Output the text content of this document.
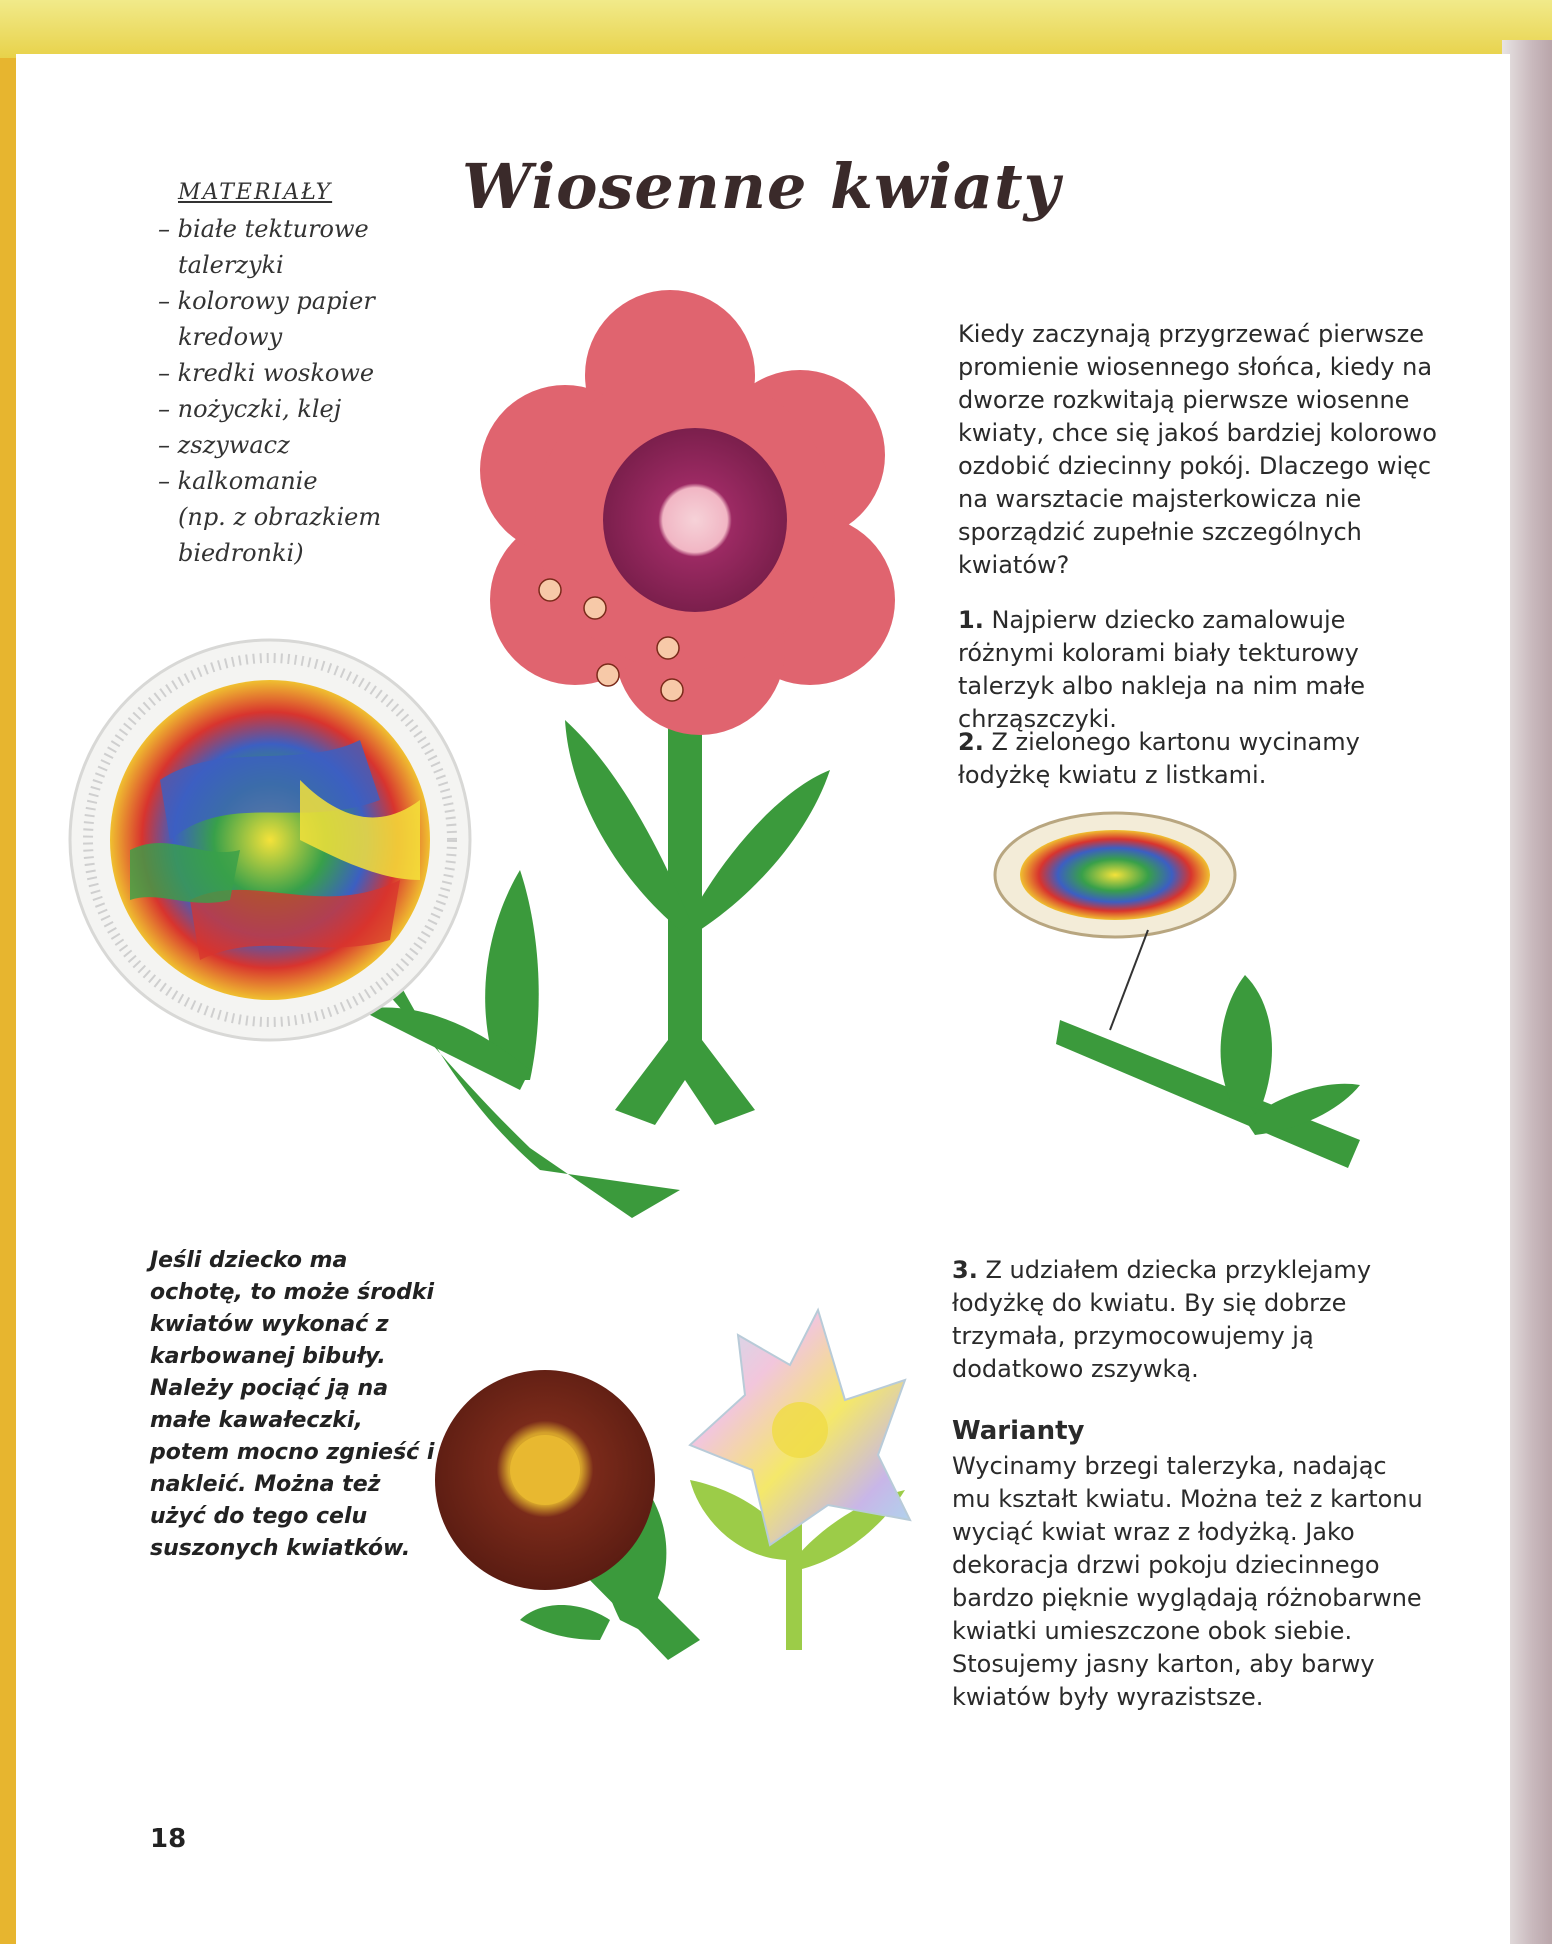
Wiosenne kwiaty
MATERIAŁY
– białe tekturowe
talerzyki
– kolorowy papier
kredowy
– kredki woskowe
– nożyczki, klej
– zszywacz
– kalkomanie
(np. z obrazkiem biedronki)
Kiedy zaczynają przygrzewać pierwsze promienie wiosennego słońca, kiedy na dworze rozkwitają pierwsze wiosenne kwiaty, chce się jakoś bardziej kolorowo ozdobić dziecinny pokój. Dlaczego więc na warsztacie majsterkowicza nie sporządzić zupełnie szczególnych kwiatów?
1. Najpierw dziecko zamalowuje różnymi kolorami biały tekturowy talerzyk albo nakleja na nim małe chrząszczyki.
2. Z zielonego kartonu wycinamy łodyżkę kwiatu z listkami.
3. Z udziałem dziecka przyklejamy łodyżkę do kwiatu. By się dobrze trzymała, przymocowujemy ją dodatkowo zszywką.
Jeśli dziecko ma ochotę, to może środki kwiatów wykonać z karbowanej bibuły. Należy pociąć ją na małe kawałeczki, potem mocno zgnieść i nakleić. Można też użyć do tego celu suszonych kwiatków.
Warianty
Wycinamy brzegi talerzyka, nadając mu kształt kwiatu. Można też z kartonu wyciąć kwiat wraz z łodyżką. Jako dekoracja drzwi pokoju dziecinnego bardzo pięknie wyglądają różnobarwne kwiatki umieszczone obok siebie. Stosujemy jasny karton, aby barwy kwiatów były wyrazistsze.
18
